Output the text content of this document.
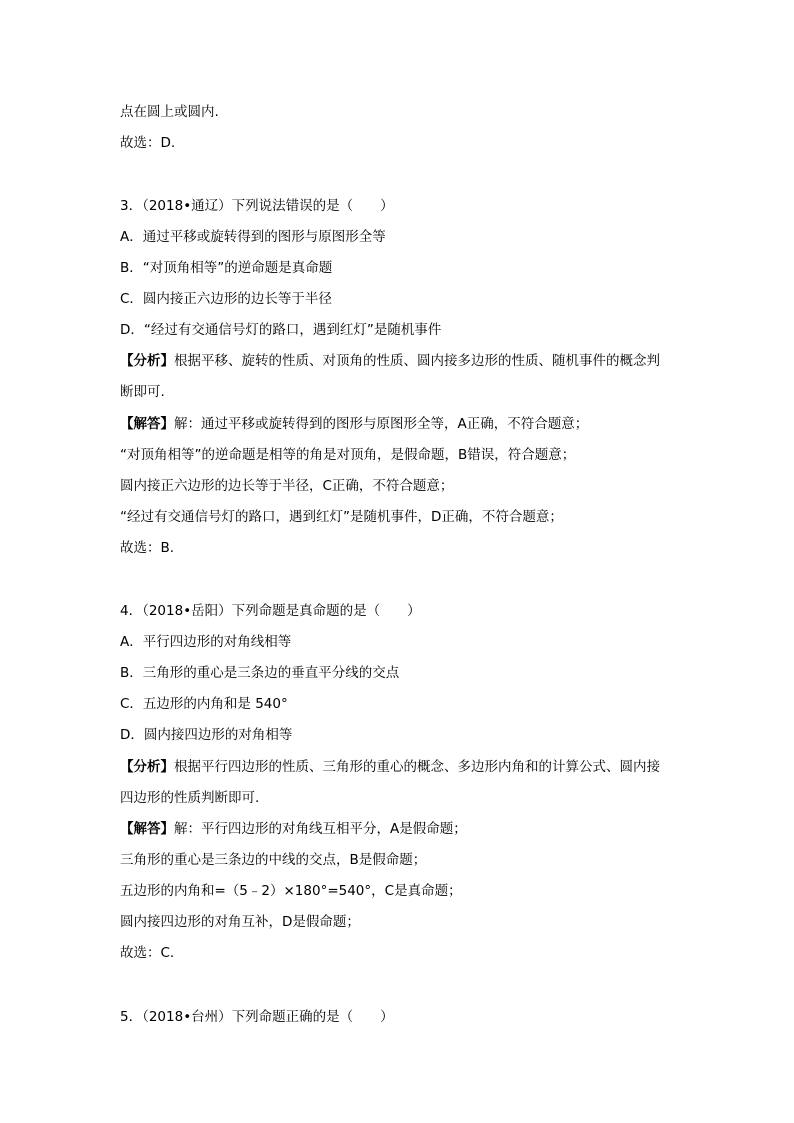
点在圆上或圆内.
故选：D.
3．（2018•通辽）下列说法错误的是（　　）
A．通过平移或旋转得到的图形与原图形全等
B．“对顶角相等”的逆命题是真命题
C．圆内接正六边形的边长等于半径
D．“经过有交通信号灯的路口，遇到红灯”是随机事件
【分析】根据平移、旋转的性质、对顶角的性质、圆内接多边形的性质、随机事件的概念判
断即可.
【解答】解：通过平移或旋转得到的图形与原图形全等，A正确，不符合题意；
“对顶角相等”的逆命题是相等的角是对顶角，是假命题，B错误，符合题意；
圆内接正六边形的边长等于半径，C正确，不符合题意；
“经过有交通信号灯的路口，遇到红灯”是随机事件，D正确，不符合题意；
故选：B.
4．（2018•岳阳）下列命题是真命题的是（　　）
A．平行四边形的对角线相等
B．三角形的重心是三条边的垂直平分线的交点
C．五边形的内角和是 540°
D．圆内接四边形的对角相等
【分析】根据平行四边形的性质、三角形的重心的概念、多边形内角和的计算公式、圆内接
四边形的性质判断即可.
【解答】解：平行四边形的对角线互相平分，A是假命题；
三角形的重心是三条边的中线的交点，B是假命题；
五边形的内角和=（5﹣2）×180°=540°，C是真命题；
圆内接四边形的对角互补，D是假命题；
故选：C.
5．（2018•台州）下列命题正确的是（　　）
